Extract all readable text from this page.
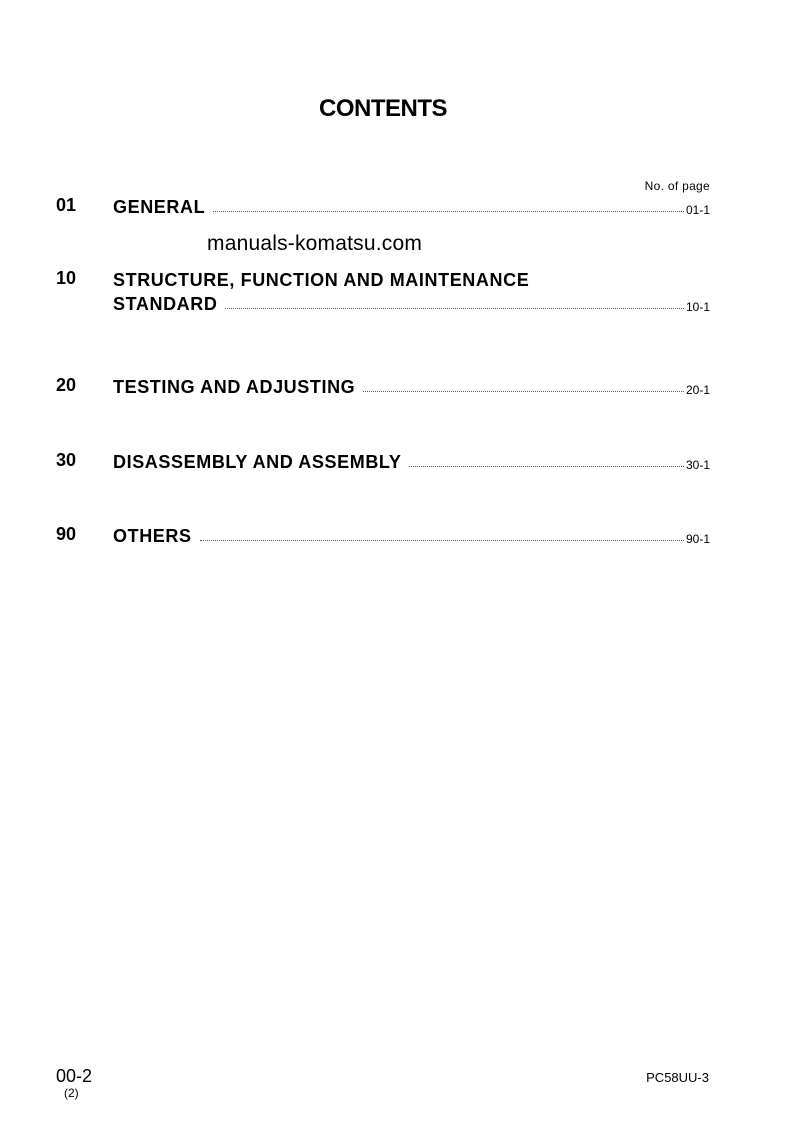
CONTENTS
No. of page
01 GENERAL	01-1
manuals-komatsu.com
10 STRUCTURE, FUNCTION AND MAINTENANCE
STANDARD	10-1
20 TESTING AND ADJUSTING	20-1
30 DISASSEMBLY AND ASSEMBLY	30-1
90 OTHERS	90-1
00-2
(2)
PC58UU-3
